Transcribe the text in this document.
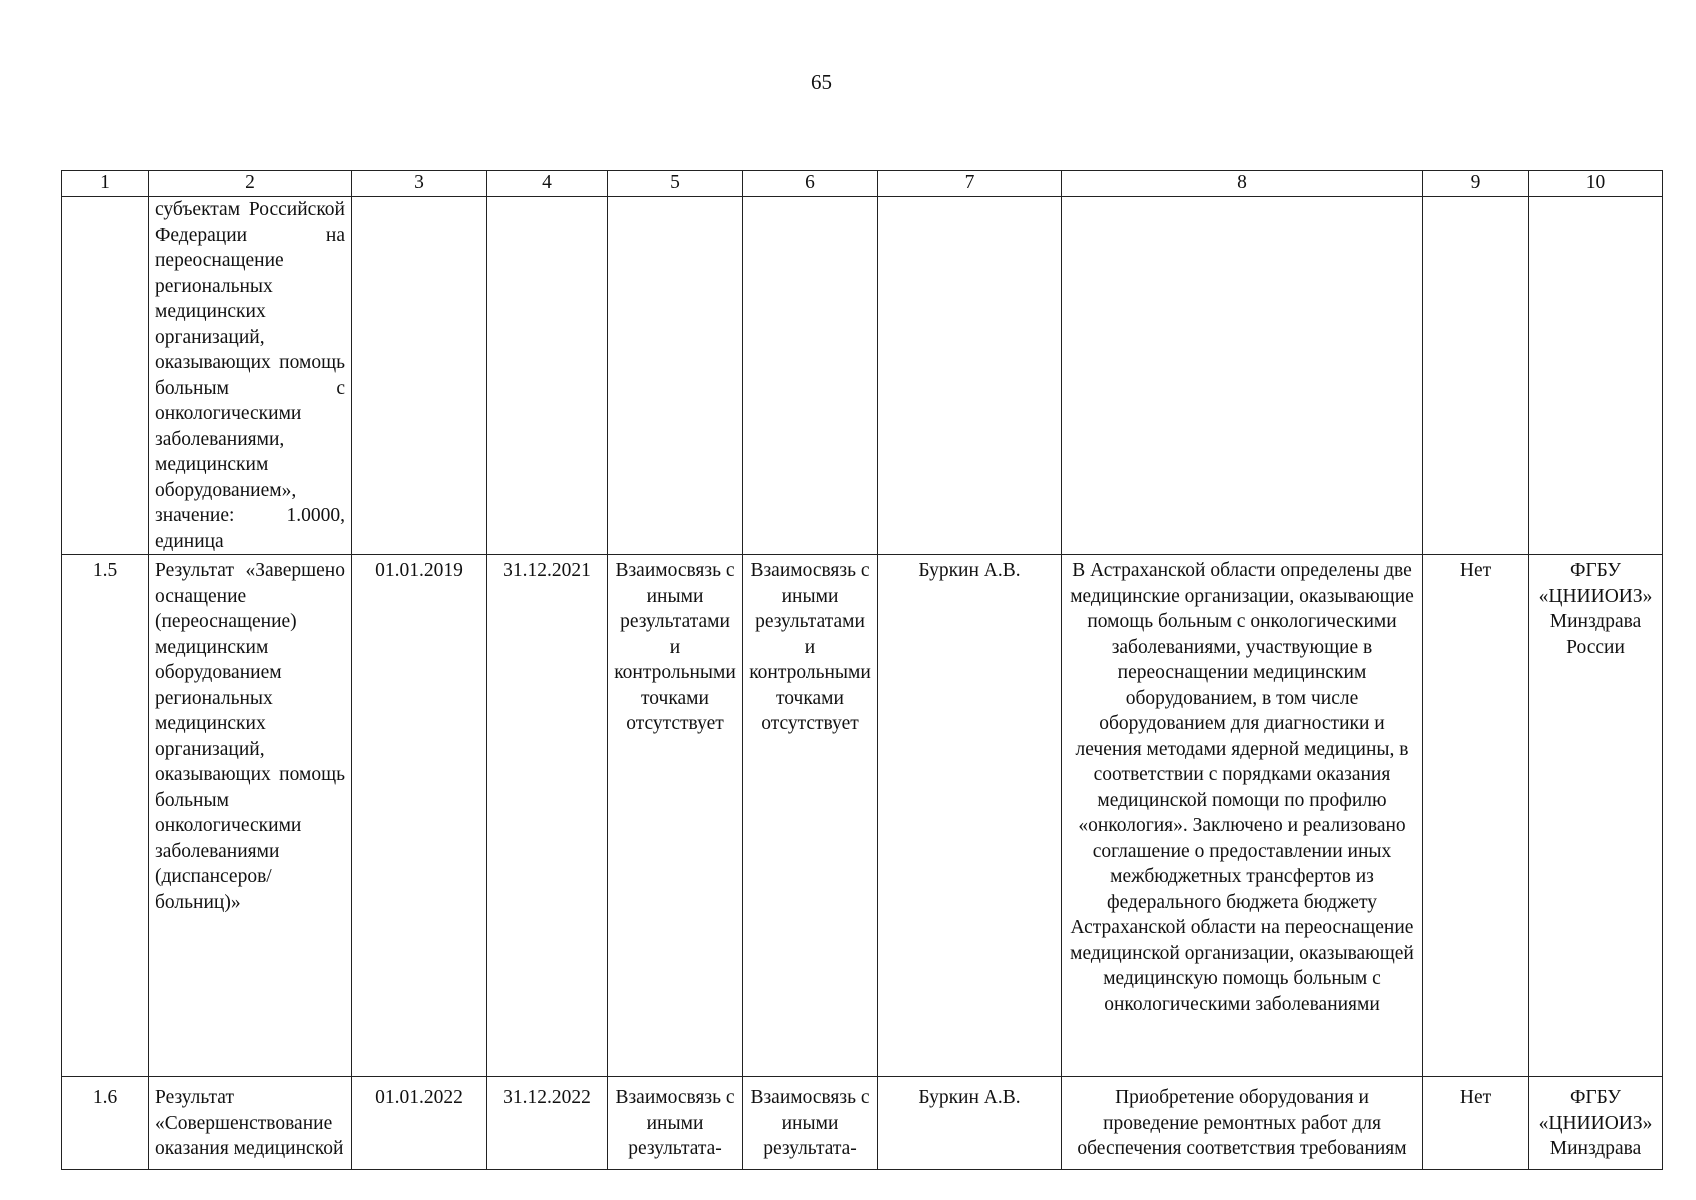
65
1	2	3	4	5	6	7	8	9	10
	субъектам Российской Федерации на переоснащение региональных медицинских организаций, оказывающих помощь больным с онкологическими заболеваниями, медицинским оборудованием», значение: 1.0000, единица								
1.5	Результат «Завершено оснащение (переоснащение) медицинским оборудованием региональных медицинских организаций, оказывающих помощь больным онкологическими заболеваниями (диспансеров/ больниц)»	01.01.2019	31.12.2021	Взаимосвязь с иными результатами и контрольными точками отсутствует	Взаимосвязь с иными результатами и контрольными точками отсутствует	Буркин А.В.	В Астраханской области определены две медицинские организации, оказывающие помощь больным с онкологическими заболеваниями, участвующие в переоснащении медицинским оборудованием, в том числе оборудованием для диагностики и лечения методами ядерной медицины, в соответствии с порядками оказания медицинской помощи по профилю «онкология». Заключено и реализовано соглашение о предоставлении иных межбюджетных трансфертов из федерального бюджета бюджету Астраханской области на переоснащение медицинской организации, оказывающей медицинскую помощь больным с онкологическими заболеваниями	Нет	ФГБУ «ЦНИИОИЗ» Минздрава России
1.6	Результат «Совершенствование оказания медицинской	01.01.2022	31.12.2022	Взаимосвязь с иными результата-	Взаимосвязь с иными результата-	Буркин А.В.	Приобретение оборудования и проведение ремонтных работ для обеспечения соответствия требованиям	Нет	ФГБУ «ЦНИИОИЗ» Минздрава
